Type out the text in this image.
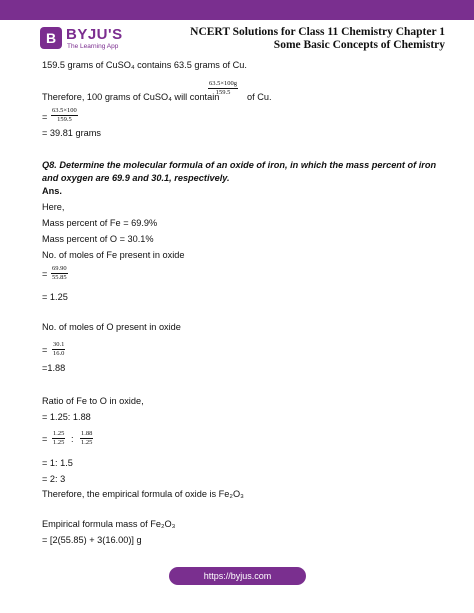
B BYJU'S
The Learning App
NCERT Solutions for Class 11 Chemistry Chapter 1
Some Basic Concepts of Chemistry
159.5 grams of CuSO₄ contains 63.5 grams of Cu.
Therefore, 100 grams of CuSO₄ will contain
$\frac{63.5\times 100g}{159.5}$
of Cu.
= $\frac{63.5\times 100}{159.5}$
= 39.81 grams
Q8. Determine the molecular formula of an oxide of iron, in which the mass percent of iron and oxygen are 69.9 and 30.1, respectively.
Ans.
Here,
Mass percent of Fe = 69.9%
Mass percent of O = 30.1%
No. of moles of Fe present in oxide
= $\frac{69.90}{55.85}$
= 1.25
No. of moles of O present in oxide
= $\frac{30.1}{16.0}$
=1.88
Ratio of Fe to O in oxide,
= 1.25: 1.88
= $\frac{1.25}{1.25}$ : $\frac{1.88}{1.25}$
= 1: 1.5
= 2: 3
Therefore, the empirical formula of oxide is Fe₂O₃
Empirical formula mass of Fe₂O₃
= [2(55.85) + 3(16.00)] g
https://byjus.com
